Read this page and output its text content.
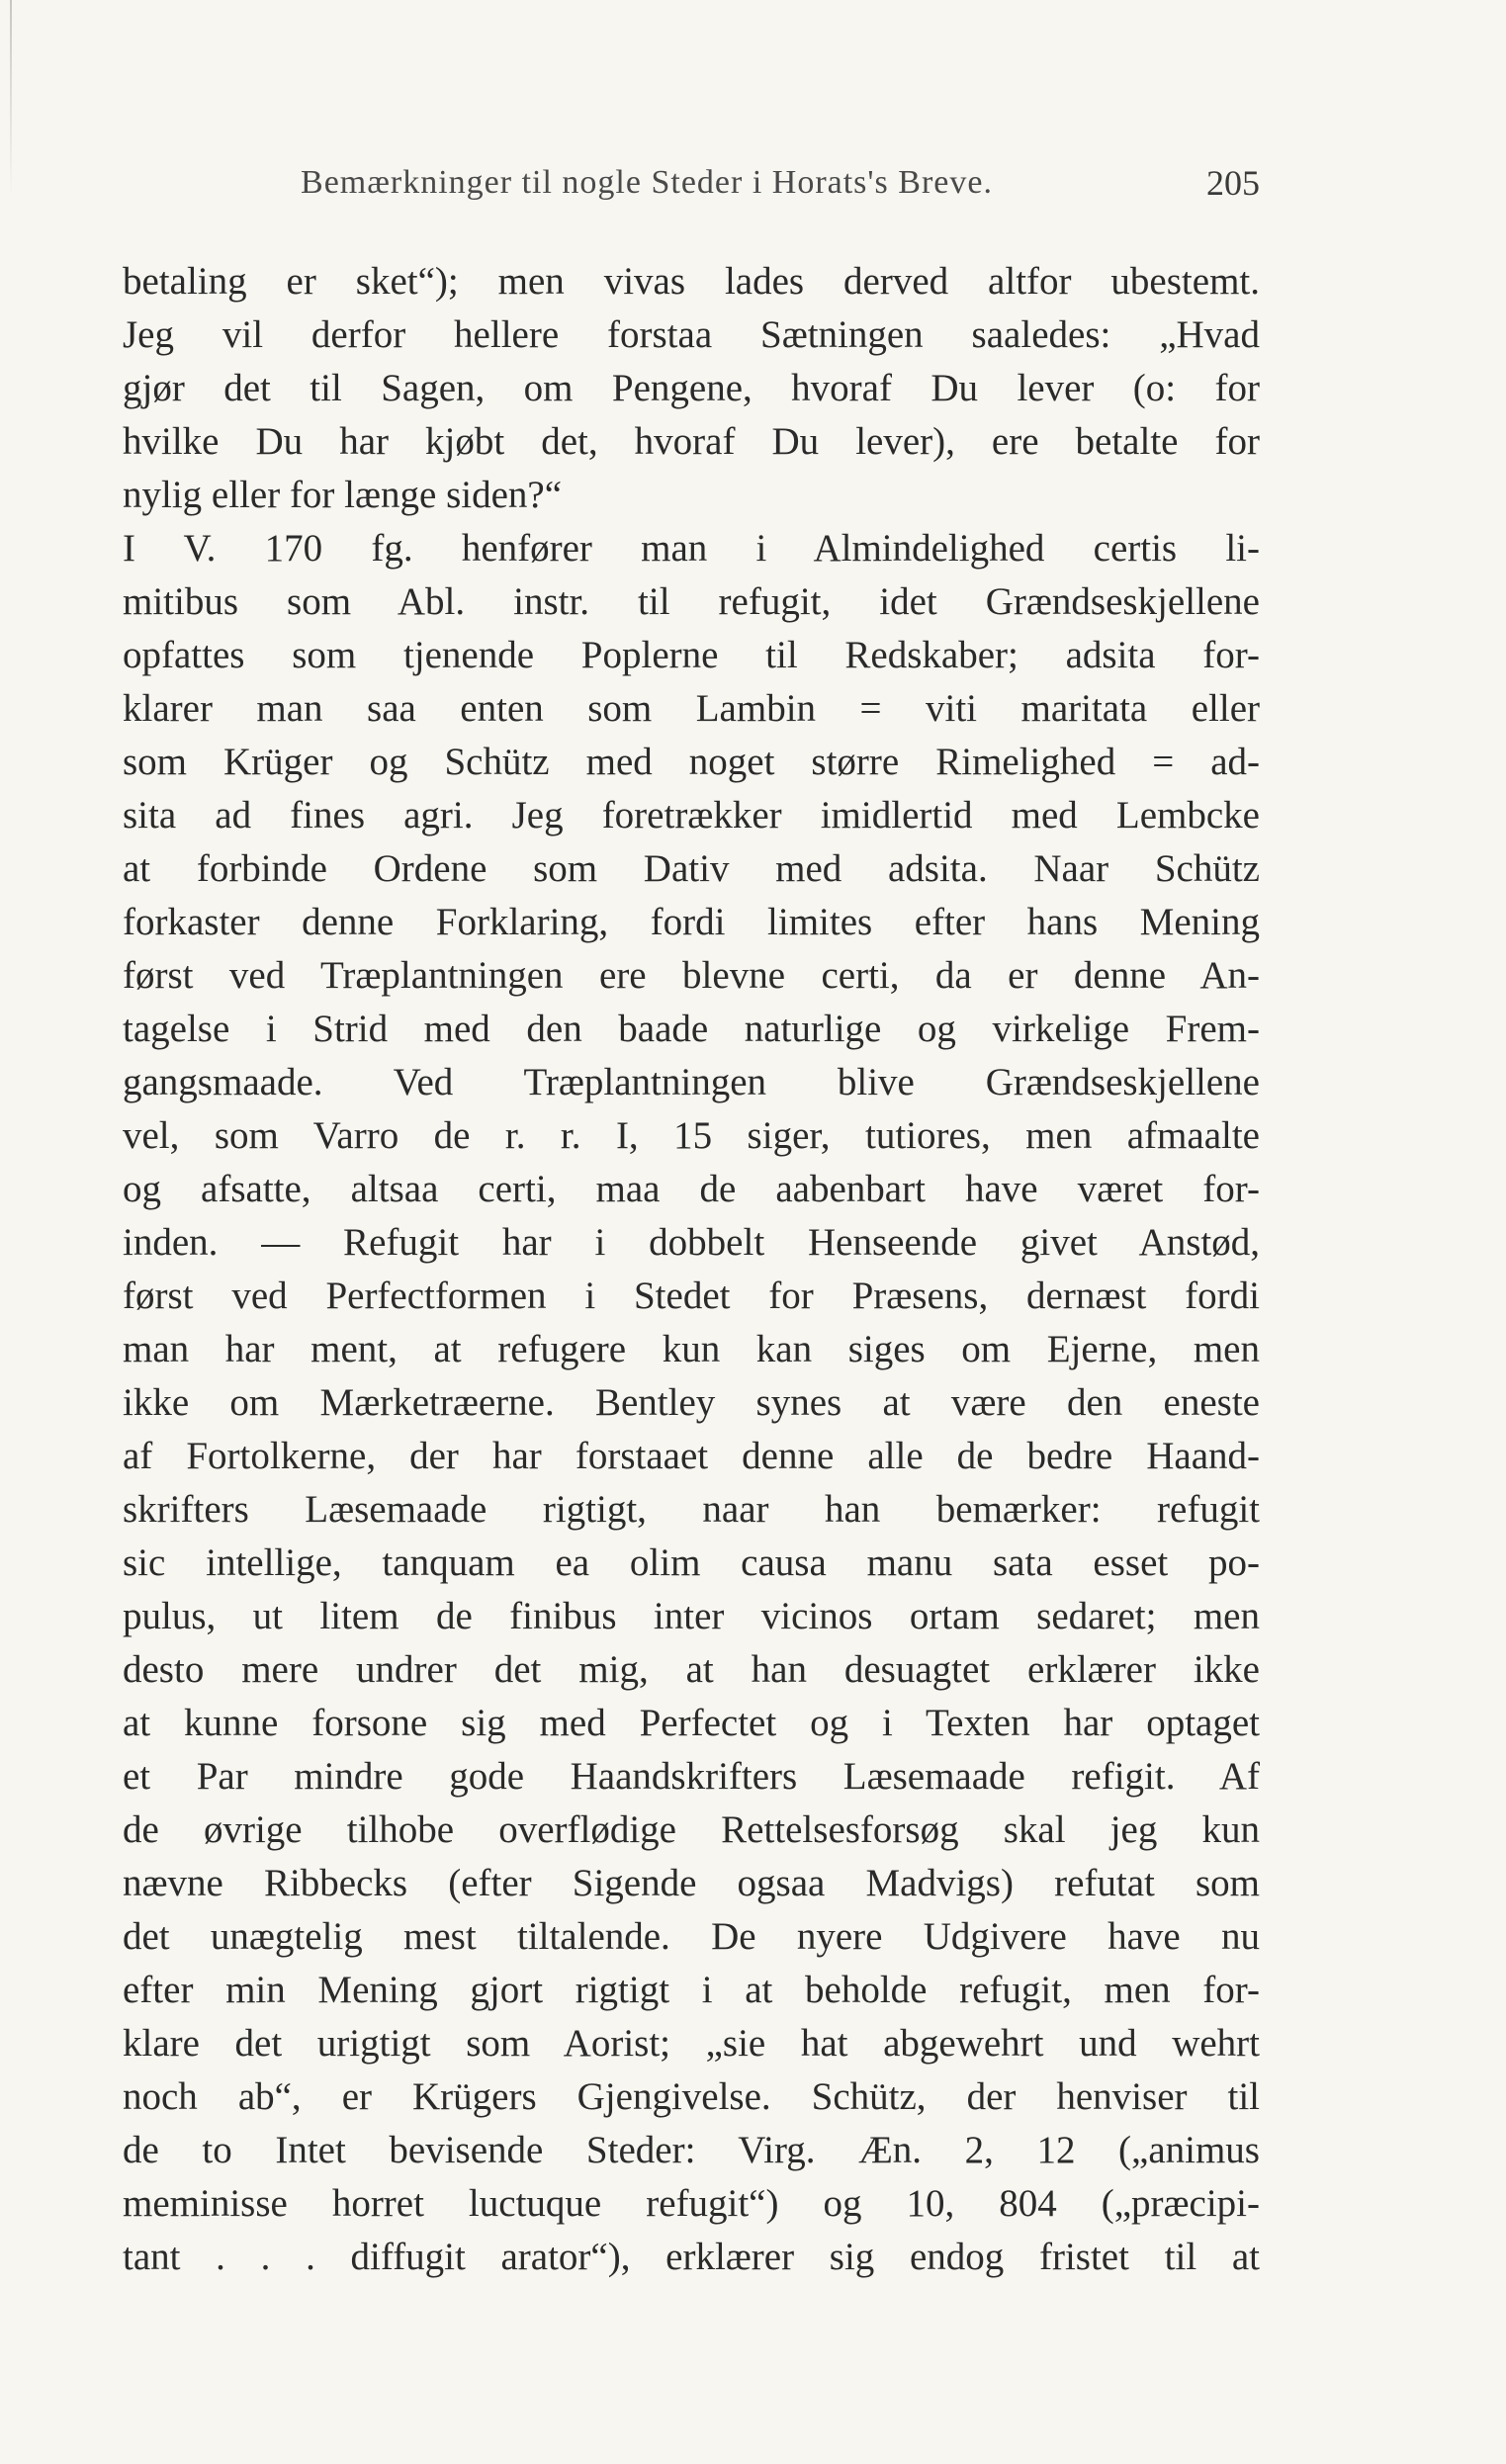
Bemærkninger til nogle Steder i Horats's Breve.	205
betaling er sket“); men vivas lades derved altfor ubestemt.
Jeg vil derfor hellere forstaa Sætningen saaledes: „Hvad
gjør det til Sagen, om Pengene, hvoraf Du lever (o: for
hvilke Du har kjøbt det, hvoraf Du lever), ere betalte for
nylig eller for længe siden?“
I V. 170 fg. henfører man i Almindelighed certis li-
mitibus som Abl. instr. til refugit, idet Grændseskjellene
opfattes som tjenende Poplerne til Redskaber; adsita for-
klarer man saa enten som Lambin = viti maritata eller
som Krüger og Schütz med noget større Rimelighed = ad-
sita ad fines agri. Jeg foretrækker imidlertid med Lembcke
at forbinde Ordene som Dativ med adsita. Naar Schütz
forkaster denne Forklaring, fordi limites efter hans Mening
først ved Træplantningen ere blevne certi, da er denne An-
tagelse i Strid med den baade naturlige og virkelige Frem-
gangsmaade. Ved Træplantningen blive Grændseskjellene
vel, som Varro de r. r. I, 15 siger, tutiores, men afmaalte
og afsatte, altsaa certi, maa de aabenbart have været for-
inden. — Refugit har i dobbelt Henseende givet Anstød,
først ved Perfectformen i Stedet for Præsens, dernæst fordi
man har ment, at refugere kun kan siges om Ejerne, men
ikke om Mærketræerne. Bentley synes at være den eneste
af Fortolkerne, der har forstaaet denne alle de bedre Haand-
skrifters Læsemaade rigtigt, naar han bemærker: refugit
sic intellige, tanquam ea olim causa manu sata esset po-
pulus, ut litem de finibus inter vicinos ortam sedaret; men
desto mere undrer det mig, at han desuagtet erklærer ikke
at kunne forsone sig med Perfectet og i Texten har optaget
et Par mindre gode Haandskrifters Læsemaade refigit. Af
de øvrige tilhobe overflødige Rettelsesforsøg skal jeg kun
nævne Ribbecks (efter Sigende ogsaa Madvigs) refutat som
det unægtelig mest tiltalende. De nyere Udgivere have nu
efter min Mening gjort rigtigt i at beholde refugit, men for-
klare det urigtigt som Aorist; „sie hat abgewehrt und wehrt
noch ab“, er Krügers Gjengivelse. Schütz, der henviser til
de to Intet bevisende Steder: Virg. Æn. 2, 12 („animus
meminisse horret luctuque refugit“) og 10, 804 („præcipi-
tant . . . diffugit arator“), erklærer sig endog fristet til at
